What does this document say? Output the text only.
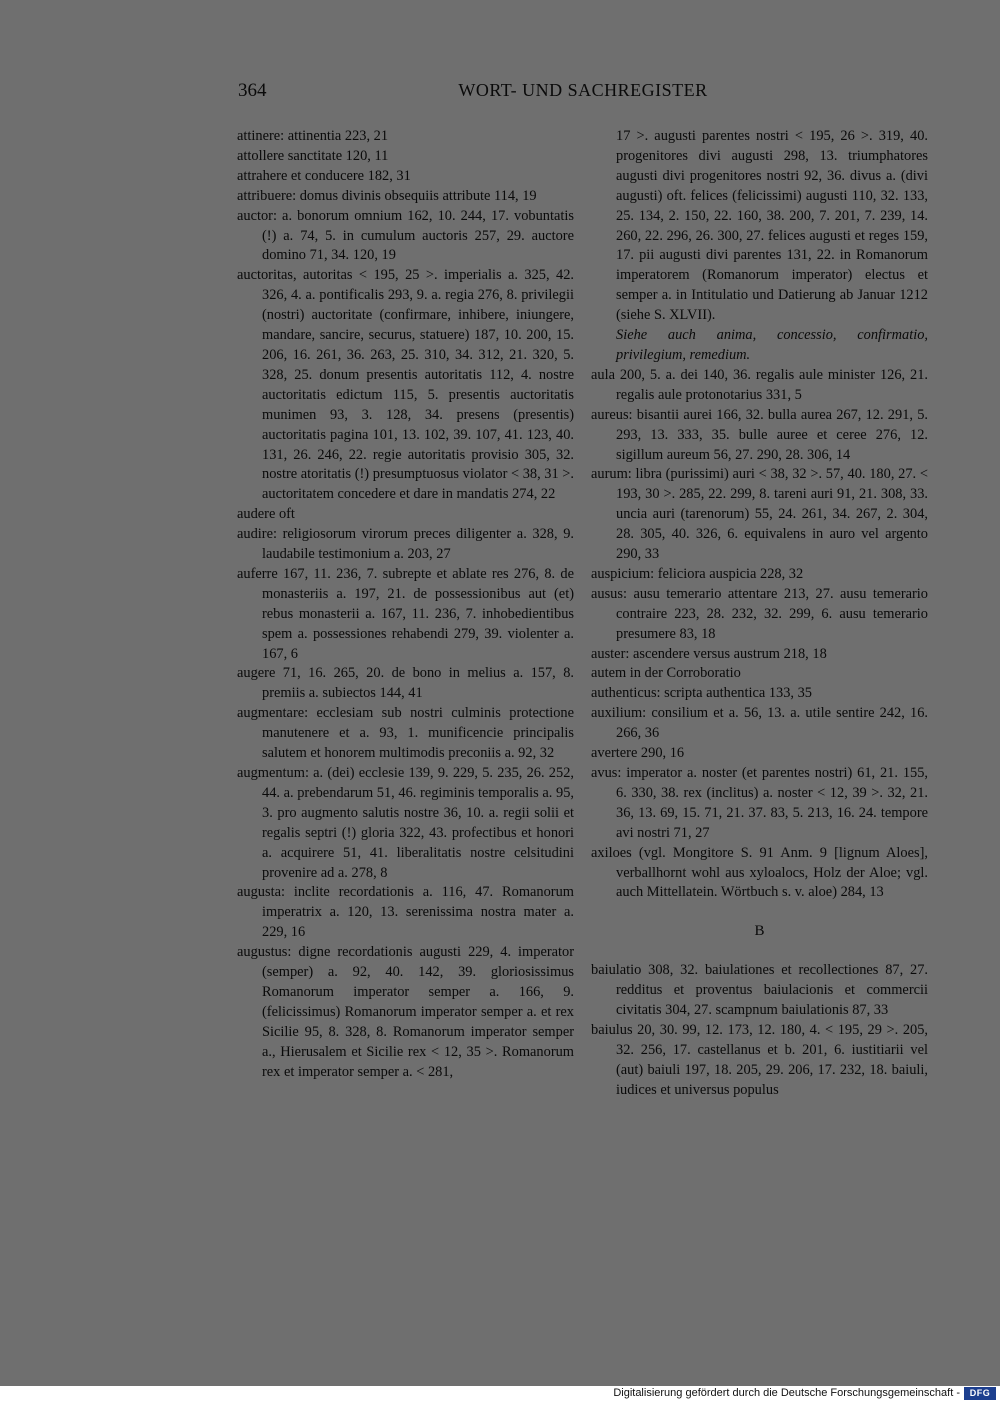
364	WORT- UND SACHREGISTER
attinere: attinentia 223, 21
attollere sanctitate 120, 11
attrahere et conducere 182, 31
attribuere: domus divinis obsequiis attribute 114, 19
auctor: a. bonorum omnium 162, 10. 244, 17. vobuntatis (!) a. 74, 5. in cumulum auctoris 257, 29. auctore domino 71, 34. 120, 19
auctoritas, autoritas < 195, 25 >. imperialis a. 325, 42. 326, 4. a. pontificalis 293, 9. a. regia 276, 8. privilegii (nostri) auctoritate (confirmare, inhibere, iniungere, mandare, sancire, securus, statuere) 187, 10. 200, 15. 206, 16. 261, 36. 263, 25. 310, 34. 312, 21. 320, 5. 328, 25. donum presentis autoritatis 112, 4. nostre auctoritatis edictum 115, 5. presentis auctoritatis munimen 93, 3. 128, 34. presens (presentis) auctoritatis pagina 101, 13. 102, 39. 107, 41. 123, 40. 131, 26. 246, 22. regie autoritatis provisio 305, 32. nostre atoritatis (!) presumptuosus violator < 38, 31 >. auctoritatem concedere et dare in mandatis 274, 22
audere oft
audire: religiosorum virorum preces diligenter a. 328, 9. laudabile testimonium a. 203, 27
auferre 167, 11. 236, 7. subrepte et ablate res 276, 8. de monasteriis a. 197, 21. de possessionibus aut (et) rebus monasterii a. 167, 11. 236, 7. inhobedientibus spem a. possessiones rehabendi 279, 39. violenter a. 167, 6
augere 71, 16. 265, 20. de bono in melius a. 157, 8. premiis a. subiectos 144, 41
augmentare: ecclesiam sub nostri culminis protectione manutenere et a. 93, 1. munificencie principalis salutem et honorem multimodis preconiis a. 92, 32
augmentum: a. (dei) ecclesie 139, 9. 229, 5. 235, 26. 252, 44. a. prebendarum 51, 46. regiminis temporalis a. 95, 3. pro augmento salutis nostre 36, 10. a. regii solii et regalis septri (!) gloria 322, 43. profectibus et honori a. acquirere 51, 41. liberalitatis nostre celsitudini provenire ad a. 278, 8
augusta: inclite recordationis a. 116, 47. Romanorum imperatrix a. 120, 13. serenissima nostra mater a. 229, 16
augustus: digne recordationis augusti 229, 4. imperator (semper) a. 92, 40. 142, 39. gloriosissimus Romanorum imperator semper a. 166, 9. (felicissimus) Romanorum imperator semper a. et rex Sicilie 95, 8. 328, 8. Romanorum imperator semper a., Hierusalem et Sicilie rex < 12, 35 >. Romanorum rex et imperator semper a. < 281,
17 >. augusti parentes nostri < 195, 26 >. 319, 40. progenitores divi augusti 298, 13. triumphatores augusti divi progenitores nostri 92, 36. divus a. (divi augusti) oft. felices (felicissimi) augusti 110, 32. 133, 25. 134, 2. 150, 22. 160, 38. 200, 7. 201, 7. 239, 14. 260, 22. 296, 26. 300, 27. felices augusti et reges 159, 17. pii augusti divi parentes 131, 22. in Romanorum imperatorem (Romanorum imperator) electus et semper a. in Intitulatio und Datierung ab Januar 1212 (siehe S. XLVII).
Siehe auch anima, concessio, confirmatio, privilegium, remedium.
aula 200, 5. a. dei 140, 36. regalis aule minister 126, 21. regalis aule protonotarius 331, 5
aureus: bisantii aurei 166, 32. bulla aurea 267, 12. 291, 5. 293, 13. 333, 35. bulle auree et ceree 276, 12. sigillum aureum 56, 27. 290, 28. 306, 14
aurum: libra (purissimi) auri < 38, 32 >. 57, 40. 180, 27. < 193, 30 >. 285, 22. 299, 8. tareni auri 91, 21. 308, 33. uncia auri (tarenorum) 55, 24. 261, 34. 267, 2. 304, 28. 305, 40. 326, 6. equivalens in auro vel argento 290, 33
auspicium: feliciora auspicia 228, 32
ausus: ausu temerario attentare 213, 27. ausu temerario contraire 223, 28. 232, 32. 299, 6. ausu temerario presumere 83, 18
auster: ascendere versus austrum 218, 18
autem in der Corroboratio
authenticus: scripta authentica 133, 35
auxilium: consilium et a. 56, 13. a. utile sentire 242, 16. 266, 36
avertere 290, 16
avus: imperator a. noster (et parentes nostri) 61, 21. 155, 6. 330, 38. rex (inclitus) a. noster < 12, 39 >. 32, 21. 36, 13. 69, 15. 71, 21. 37. 83, 5. 213, 16. 24. tempore avi nostri 71, 27
axiloes (vgl. Mongitore S. 91 Anm. 9 [lignum Aloes], verballhornt wohl aus xyloalocs, Holz der Aloe; vgl. auch Mittellatein. Wörtbuch s. v. aloe) 284, 13
B
baiulatio 308, 32. baiulationes et recollectiones 87, 27. redditus et proventus baiulacionis et commercii civitatis 304, 27. scampnum baiulationis 87, 33
baiulus 20, 30. 99, 12. 173, 12. 180, 4. < 195, 29 >. 205, 32. 256, 17. castellanus et b. 201, 6. iustitiarii vel (aut) baiuli 197, 18. 205, 29. 206, 17. 232, 18. baiuli, iudices et universus populus
Digitalisierung gefördert durch die Deutsche Forschungsgemeinschaft -	DFG
